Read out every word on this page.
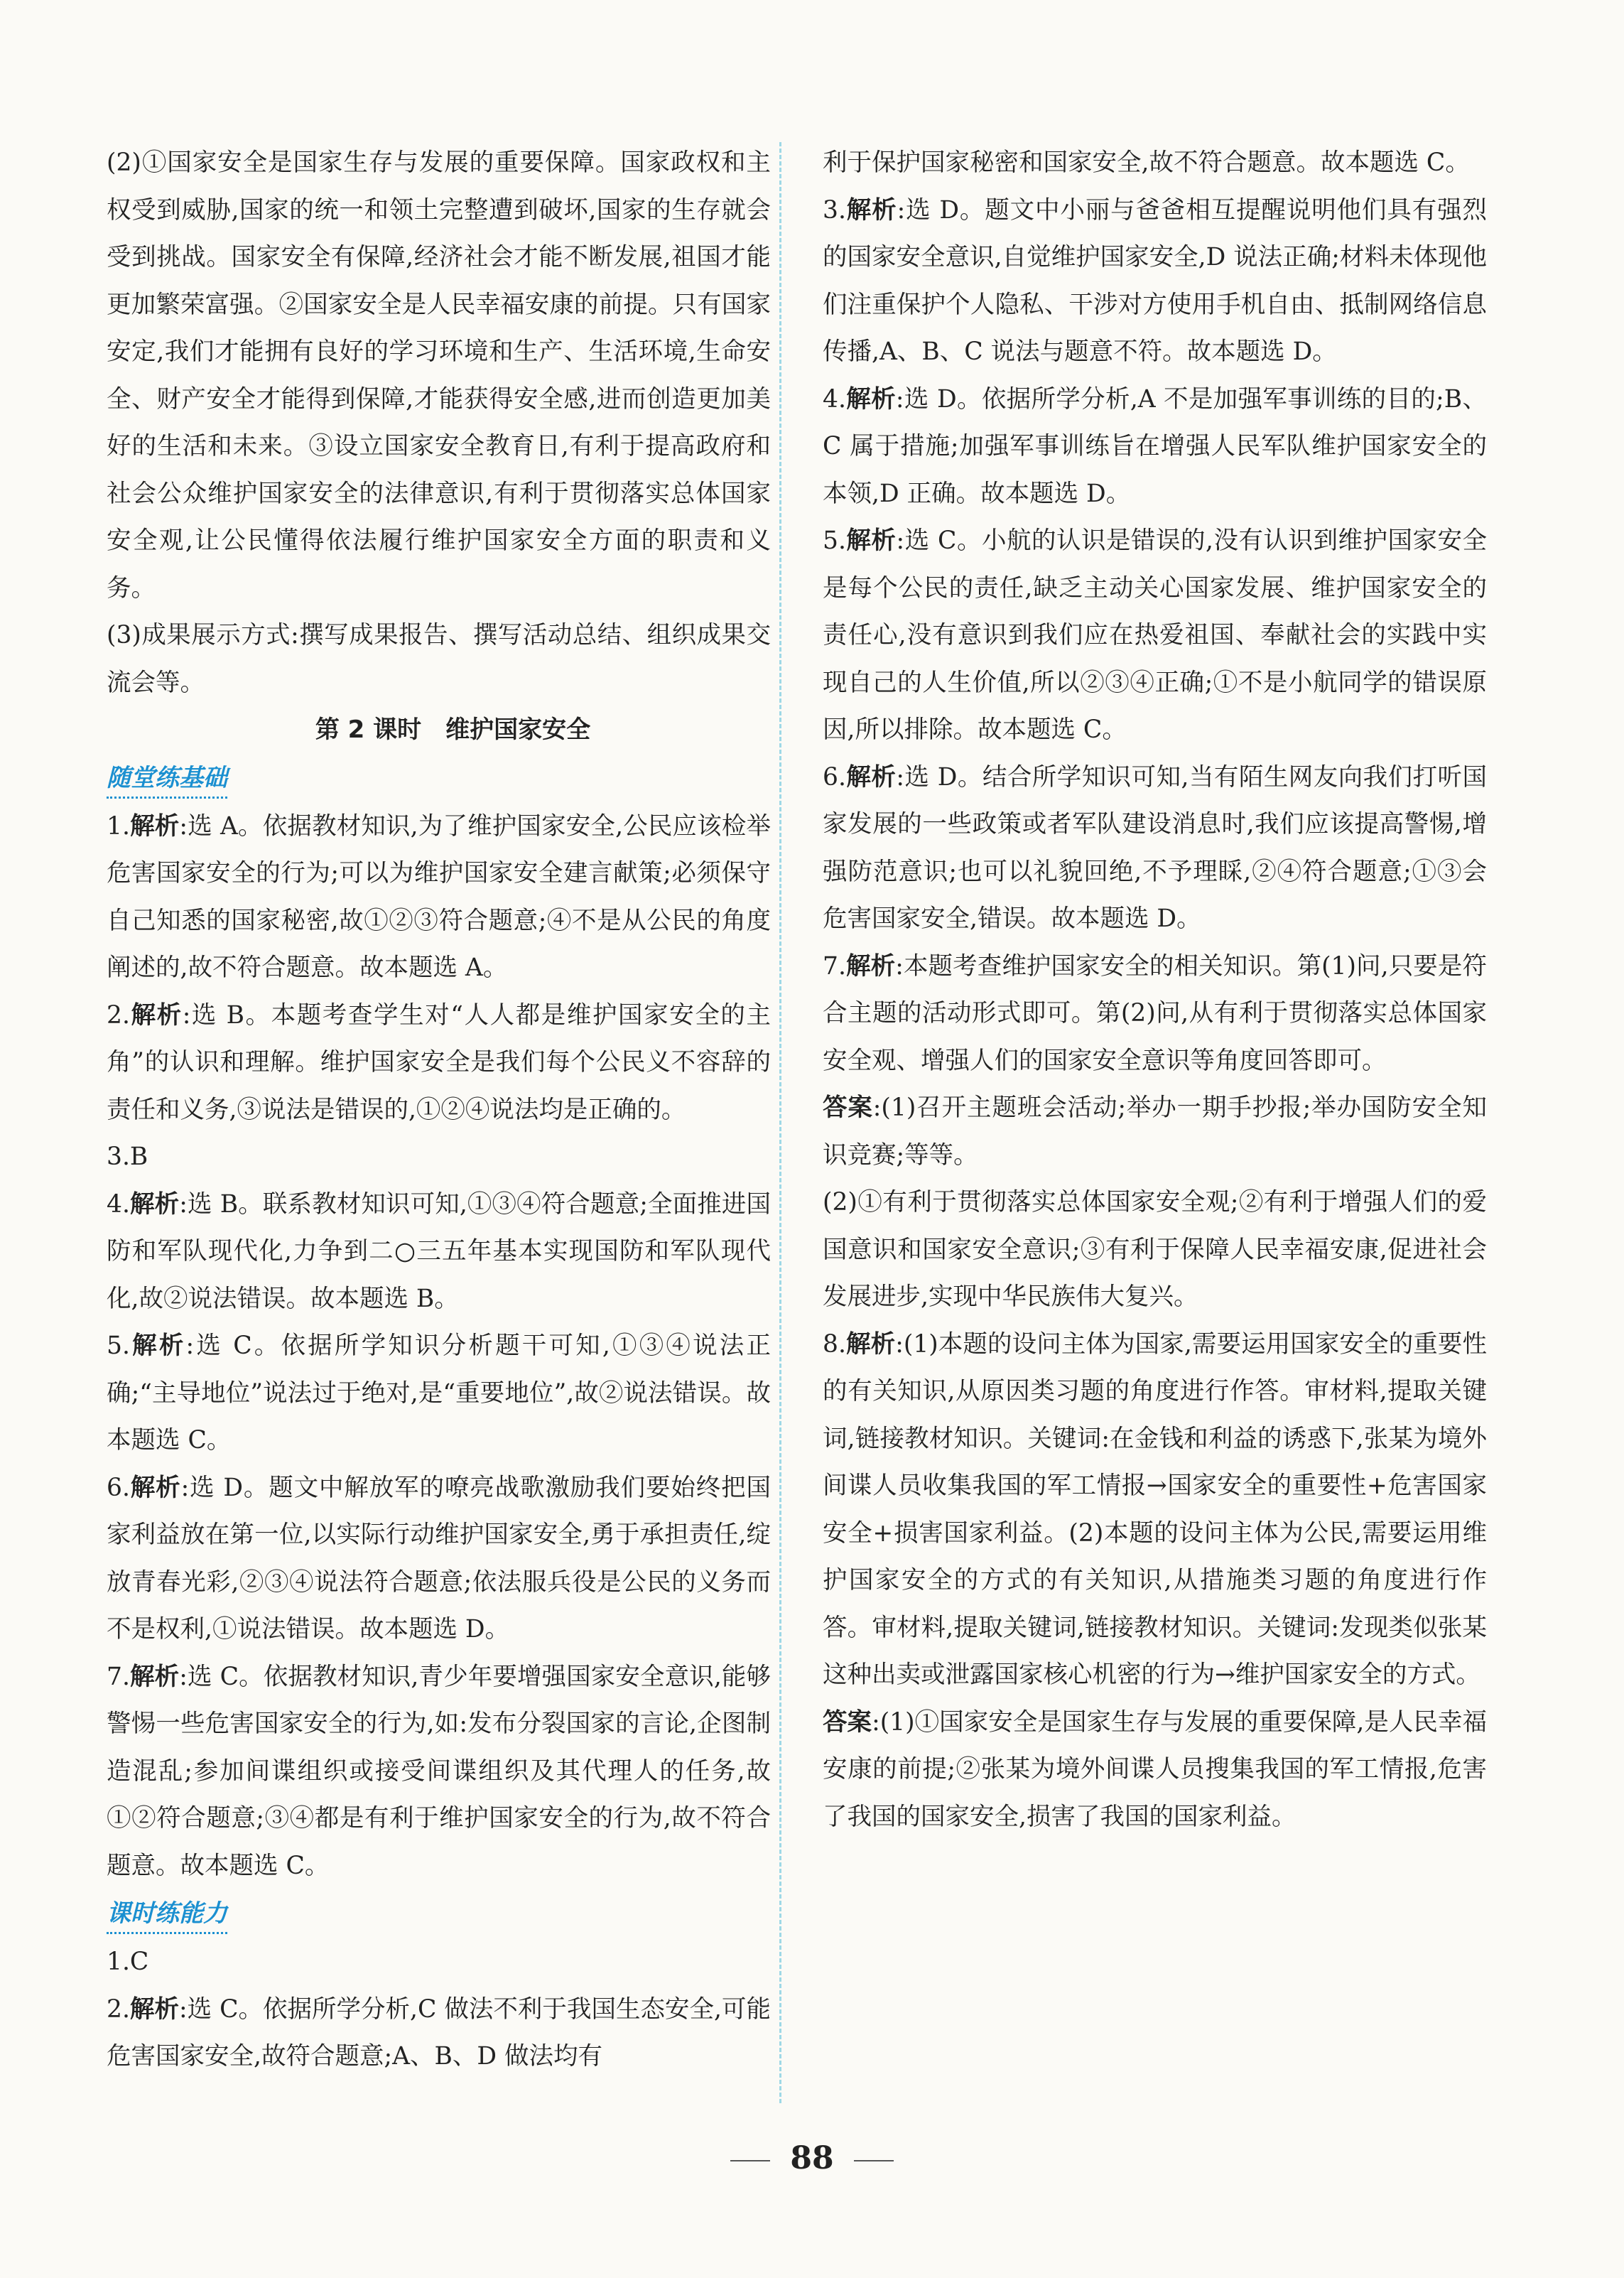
(2)①国家安全是国家生存与发展的重要保障。国家政权和主权受到威胁,国家的统一和领土完整遭到破坏,国家的生存就会受到挑战。国家安全有保障,经济社会才能不断发展,祖国才能更加繁荣富强。②国家安全是人民幸福安康的前提。只有国家安定,我们才能拥有良好的学习环境和生产、生活环境,生命安全、财产安全才能得到保障,才能获得安全感,进而创造更加美好的生活和未来。③设立国家安全教育日,有利于提高政府和社会公众维护国家安全的法律意识,有利于贯彻落实总体国家安全观,让公民懂得依法履行维护国家安全方面的职责和义务。

(3)成果展示方式:撰写成果报告、撰写活动总结、组织成果交流会等。

第 2 课时　维护国家安全

随堂练基础

1.解析:选 A。依据教材知识,为了维护国家安全,公民应该检举危害国家安全的行为;可以为维护国家安全建言献策;必须保守自己知悉的国家秘密,故①②③符合题意;④不是从公民的角度阐述的,故不符合题意。故本题选 A。

2.解析:选 B。本题考查学生对“人人都是维护国家安全的主角”的认识和理解。维护国家安全是我们每个公民义不容辞的责任和义务,③说法是错误的,①②④说法均是正确的。

3.B

4.解析:选 B。联系教材知识可知,①③④符合题意;全面推进国防和军队现代化,力争到二○三五年基本实现国防和军队现代化,故②说法错误。故本题选 B。

5.解析:选 C。依据所学知识分析题干可知,①③④说法正确;“主导地位”说法过于绝对,是“重要地位”,故②说法错误。故本题选 C。

6.解析:选 D。题文中解放军的嘹亮战歌激励我们要始终把国家利益放在第一位,以实际行动维护国家安全,勇于承担责任,绽放青春光彩,②③④说法符合题意;依法服兵役是公民的义务而不是权利,①说法错误。故本题选 D。

7.解析:选 C。依据教材知识,青少年要增强国家安全意识,能够警惕一些危害国家安全的行为,如:发布分裂国家的言论,企图制造混乱;参加间谍组织或接受间谍组织及其代理人的任务,故①②符合题意;③④都是有利于维护国家安全的行为,故不符合题意。故本题选 C。

课时练能力

1.C

2.解析:选 C。依据所学分析,C 做法不利于我国生态安全,可能危害国家安全,故符合题意;A、B、D 做法均有

利于保护国家秘密和国家安全,故不符合题意。故本题选 C。

3.解析:选 D。题文中小丽与爸爸相互提醒说明他们具有强烈的国家安全意识,自觉维护国家安全,D 说法正确;材料未体现他们注重保护个人隐私、干涉对方使用手机自由、抵制网络信息传播,A、B、C 说法与题意不符。故本题选 D。

4.解析:选 D。依据所学分析,A 不是加强军事训练的目的;B、C 属于措施;加强军事训练旨在增强人民军队维护国家安全的本领,D 正确。故本题选 D。

5.解析:选 C。小航的认识是错误的,没有认识到维护国家安全是每个公民的责任,缺乏主动关心国家发展、维护国家安全的责任心,没有意识到我们应在热爱祖国、奉献社会的实践中实现自己的人生价值,所以②③④正确;①不是小航同学的错误原因,所以排除。故本题选 C。

6.解析:选 D。结合所学知识可知,当有陌生网友向我们打听国家发展的一些政策或者军队建设消息时,我们应该提高警惕,增强防范意识;也可以礼貌回绝,不予理睬,②④符合题意;①③会危害国家安全,错误。故本题选 D。

7.解析:本题考查维护国家安全的相关知识。第(1)问,只要是符合主题的活动形式即可。第(2)问,从有利于贯彻落实总体国家安全观、增强人们的国家安全意识等角度回答即可。

答案:(1)召开主题班会活动;举办一期手抄报;举办国防安全知识竞赛;等等。

(2)①有利于贯彻落实总体国家安全观;②有利于增强人们的爱国意识和国家安全意识;③有利于保障人民幸福安康,促进社会发展进步,实现中华民族伟大复兴。

8.解析:(1)本题的设问主体为国家,需要运用国家安全的重要性的有关知识,从原因类习题的角度进行作答。审材料,提取关键词,链接教材知识。关键词:在金钱和利益的诱惑下,张某为境外间谍人员收集我国的军工情报→国家安全的重要性+危害国家安全+损害国家利益。(2)本题的设问主体为公民,需要运用维护国家安全的方式的有关知识,从措施类习题的角度进行作答。审材料,提取关键词,链接教材知识。关键词:发现类似张某这种出卖或泄露国家核心机密的行为→维护国家安全的方式。

答案:(1)①国家安全是国家生存与发展的重要保障,是人民幸福安康的前提;②张某为境外间谍人员搜集我国的军工情报,危害了我国的国家安全,损害了我国的国家利益。

88
